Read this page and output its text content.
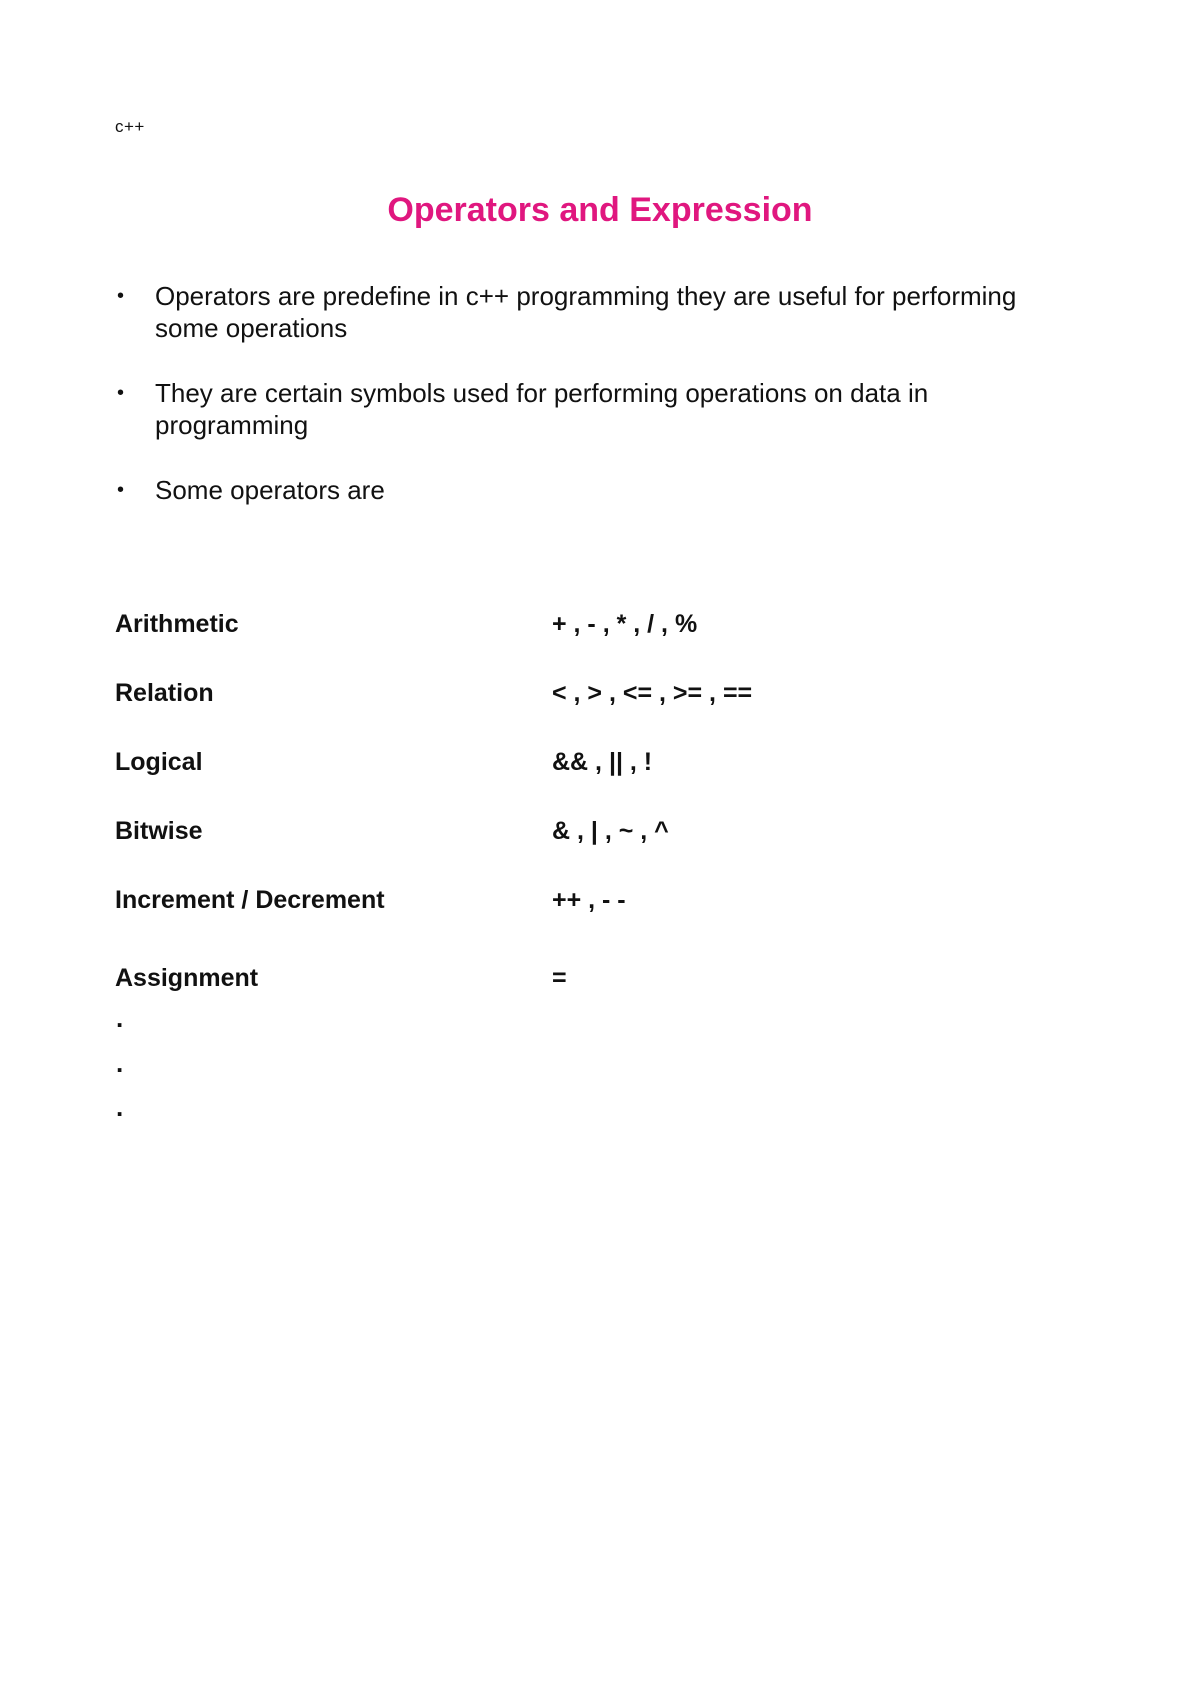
c++
Operators and Expression
• Operators are predefine in c++ programming they are useful for performing some operations
• They are certain symbols used for performing operations on data in programming
• Some operators are
Arithmetic	+ , - , * , / , %
Relation	< , > , <= , >= , ==
Logical	&& , || , !
Bitwise	& , | , ~ , ^
Increment / Decrement	++ , - -
Assignment	=
.
.
.
